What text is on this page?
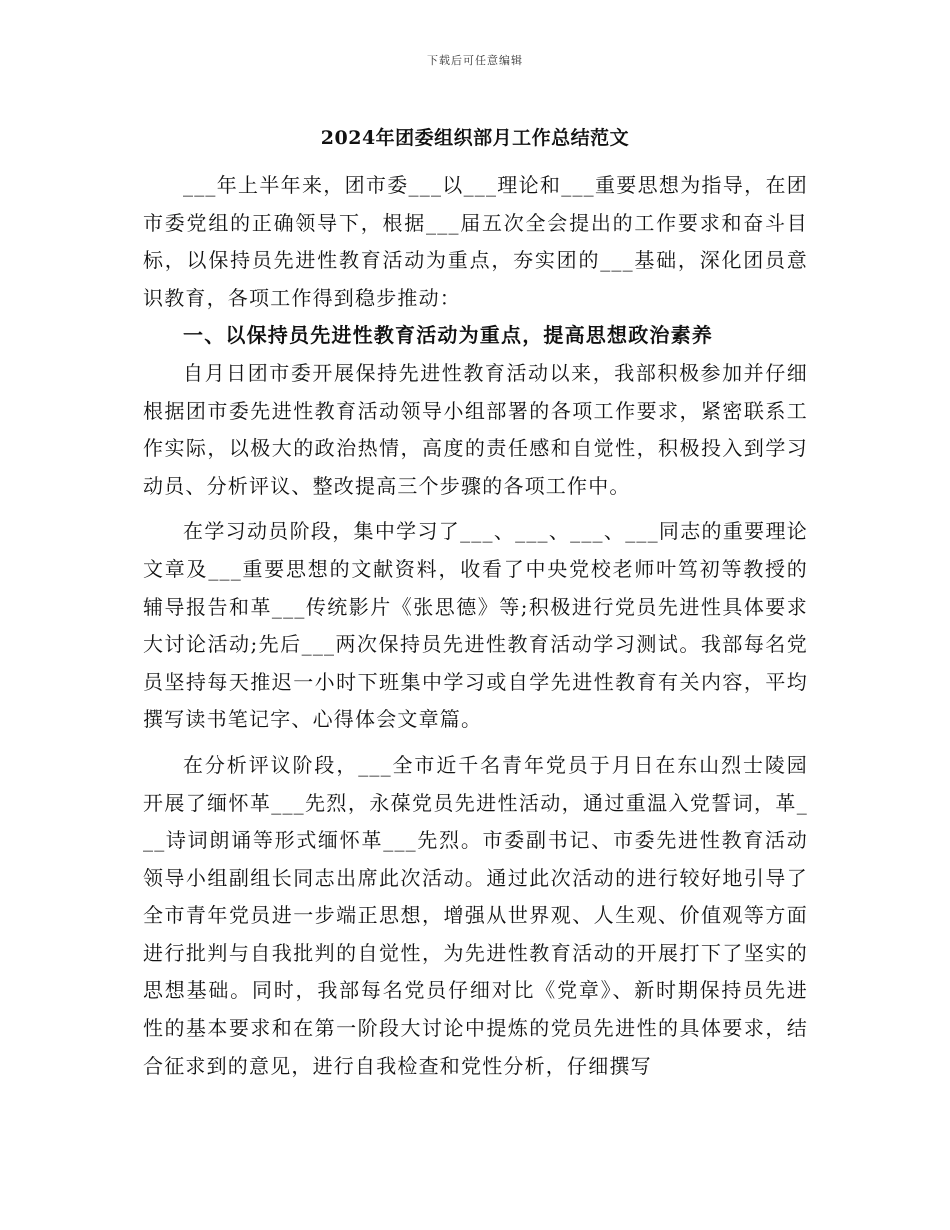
下载后可任意编辑
2024年团委组织部月工作总结范文

___年上半年来，团市委___以___理论和___重要思想为指导，在团市委党组的正确领导下，根据___届五次全会提出的工作要求和奋斗目标，以保持员先进性教育活动为重点，夯实团的___基础，深化团员意识教育，各项工作得到稳步推动：

一、以保持员先进性教育活动为重点，提高思想政治素养

自月日团市委开展保持先进性教育活动以来，我部积极参加并仔细根据团市委先进性教育活动领导小组部署的各项工作要求，紧密联系工作实际，以极大的政治热情，高度的责任感和自觉性，积极投入到学习动员、分析评议、整改提高三个步骤的各项工作中。

在学习动员阶段，集中学习了___、___、___、___同志的重要理论文章及___重要思想的文献资料，收看了中央党校老师叶笃初等教授的辅导报告和革___传统影片《张思德》等;积极进行党员先进性具体要求大讨论活动;先后___两次保持员先进性教育活动学习测试。我部每名党员坚持每天推迟一小时下班集中学习或自学先进性教育有关内容，平均撰写读书笔记字、心得体会文章篇。

在分析评议阶段，___全市近千名青年党员于月日在东山烈士陵园开展了缅怀革___先烈，永葆党员先进性活动，通过重温入党誓词，革___诗词朗诵等形式缅怀革___先烈。市委副书记、市委先进性教育活动领导小组副组长同志出席此次活动。通过此次活动的进行较好地引导了全市青年党员进一步端正思想，增强从世界观、人生观、价值观等方面进行批判与自我批判的自觉性，为先进性教育活动的开展打下了坚实的思想基础。同时，我部每名党员仔细对比《党章》、新时期保持员先进性的基本要求和在第一阶段大讨论中提炼的党员先进性的具体要求，结合征求到的意见，进行自我检查和党性分析，仔细撰写
